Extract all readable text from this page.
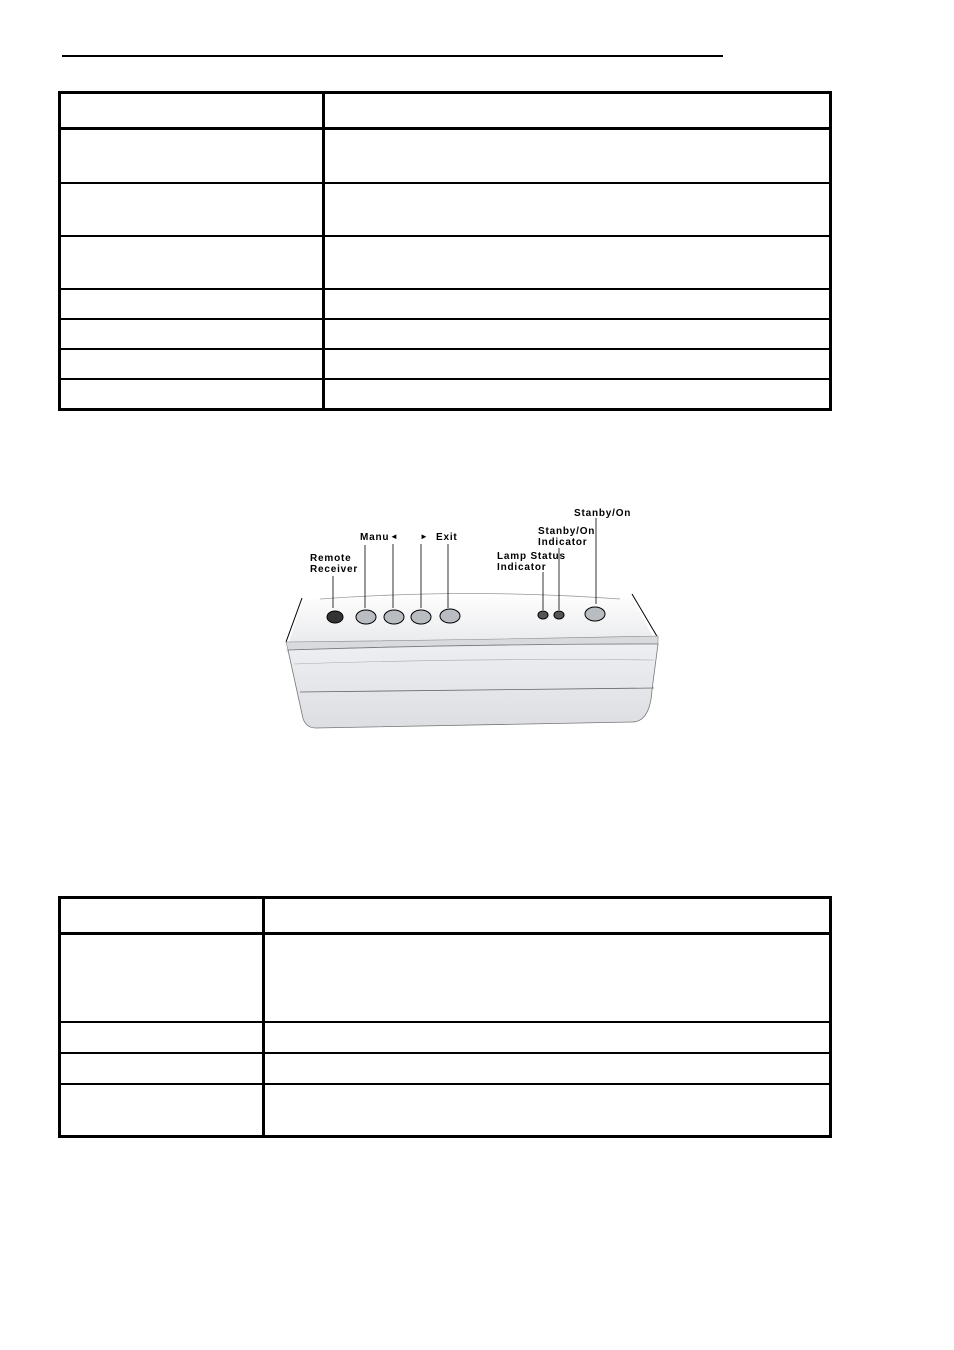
Remote
Receiver
Manu ◄	► Exit
Lamp Status
Indicator
Stanby/On
Indicator
Stanby/On
